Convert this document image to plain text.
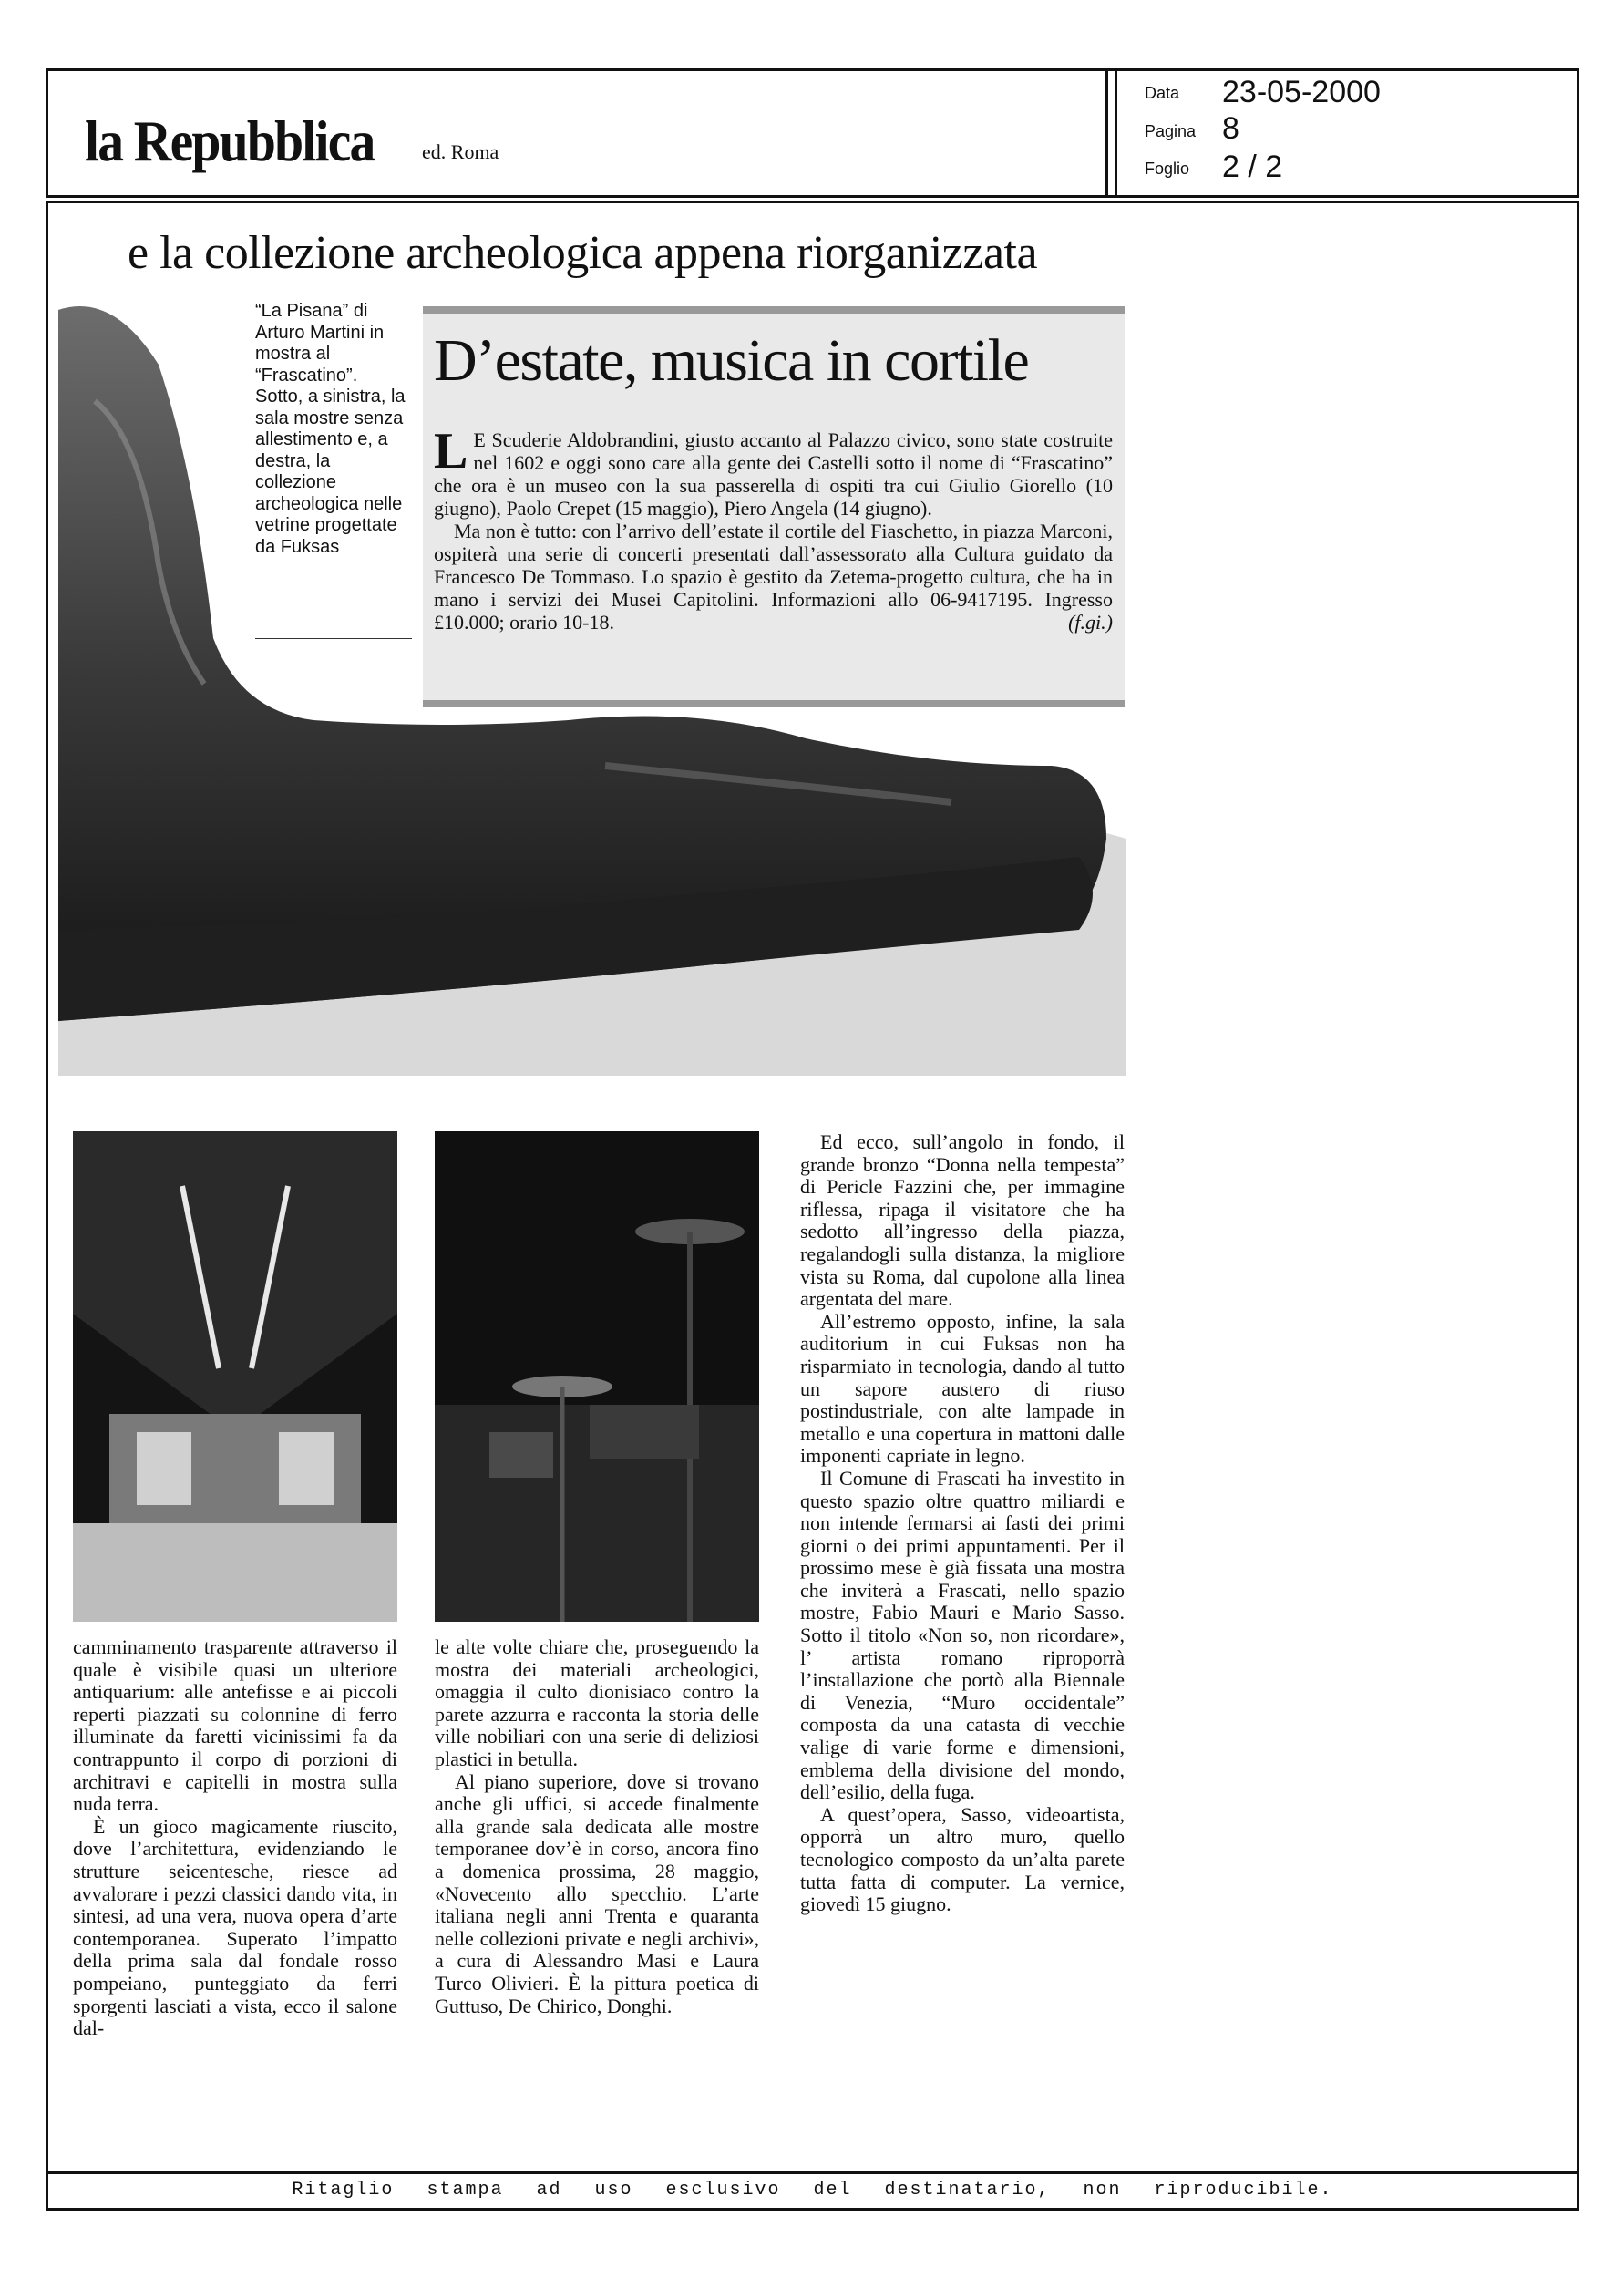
la Repubblica ed. Roma
Data 23-05-2000
Pagina 8
Foglio 2 / 2
e la collezione archeologica appena riorganizzata
“La Pisana” di Arturo Martini in mostra al “Frascatino”. Sotto, a sinistra, la sala mostre senza allestimento e, a destra, la collezione archeologica nelle vetrine progettate da Fuksas
D’estate, musica in cortile

L E Scuderie Aldobrandini, giusto accanto al Palazzo civico, sono state costruite nel 1602 e oggi sono care alla gente dei Castelli sotto il nome di “Frascatino” che ora è un museo con la sua passerella di ospiti tra cui Giulio Giorello (10 giugno), Paolo Crepet (15 maggio), Piero Angela (14 giugno).

Ma non è tutto: con l’arrivo dell’estate il cortile del Fiaschetto, in piazza Marconi, ospiterà una serie di concerti presentati dall’assessorato alla Cultura guidato da Francesco De Tommaso. Lo spazio è gestito da Zetema-progetto cultura, che ha in mano i servizi dei Musei Capitolini. Informazioni allo 06-9417195. Ingresso £10.000; orario 10-18.	(f.gi.)

camminamento trasparente attraverso il quale è visibile quasi un ulteriore antiquarium: alle antefisse e ai piccoli reperti piazzati su colonnine di ferro illuminate da faretti vicinissimi fa da contrappunto il corpo di porzioni di architravi e capitelli in mostra sulla nuda terra.

È un gioco magicamente riuscito, dove l’architettura, evidenziando le strutture seicentesche, riesce ad avvalorare i pezzi classici dando vita, in sintesi, ad una vera, nuova opera d’arte contemporanea. Superato l’impatto della prima sala dal fondale rosso pompeiano, punteggiato da ferri sporgenti lasciati a vista, ecco il salone dal-

le alte volte chiare che, proseguendo la mostra dei materiali archeologici, omaggia il culto dionisiaco contro la parete azzurra e racconta la storia delle ville nobiliari con una serie di deliziosi plastici in betulla.

Al piano superiore, dove si trovano anche gli uffici, si accede finalmente alla grande sala dedicata alle mostre temporanee dov’è in corso, ancora fino a domenica prossima, 28 maggio, «Novecento allo specchio. L’arte italiana negli anni Trenta e quaranta nelle collezioni private e negli archivi», a cura di Alessandro Masi e Laura Turco Olivieri. È la pittura poetica di Guttuso, De Chirico, Donghi.

Ed ecco, sull’angolo in fondo, il grande bronzo “Donna nella tempesta” di Pericle Fazzini che, per immagine riflessa, ripaga il visitatore che ha sedotto all’ingresso della piazza, regalandogli sulla distanza, la migliore vista su Roma, dal cupolone alla linea argentata del mare.

All’estremo opposto, infine, la sala auditorium in cui Fuksas non ha risparmiato in tecnologia, dando al tutto un sapore austero di riuso postindustriale, con alte lampade in metallo e una copertura in mattoni dalle imponenti capriate in legno.

Il Comune di Frascati ha investito in questo spazio oltre quattro miliardi e non intende fermarsi ai fasti dei primi giorni o dei primi appuntamenti. Per il prossimo mese è già fissata una mostra che inviterà a Frascati, nello spazio mostre, Fabio Mauri e Mario Sasso. Sotto il titolo «Non so, non ricordare», l’ artista romano riproporrà l’installazione che portò alla Biennale di Venezia, “Muro occidentale” composta da una catasta di vecchie valige di varie forme e dimensioni, emblema della divisione del mondo, dell’esilio, della fuga.

A quest’opera, Sasso, videoartista, opporrà un altro muro, quello tecnologico composto da un’alta parete tutta fatta di computer. La vernice, giovedì 15 giugno.

Ritaglio stampa ad uso esclusivo del destinatario, non riproducibile.
